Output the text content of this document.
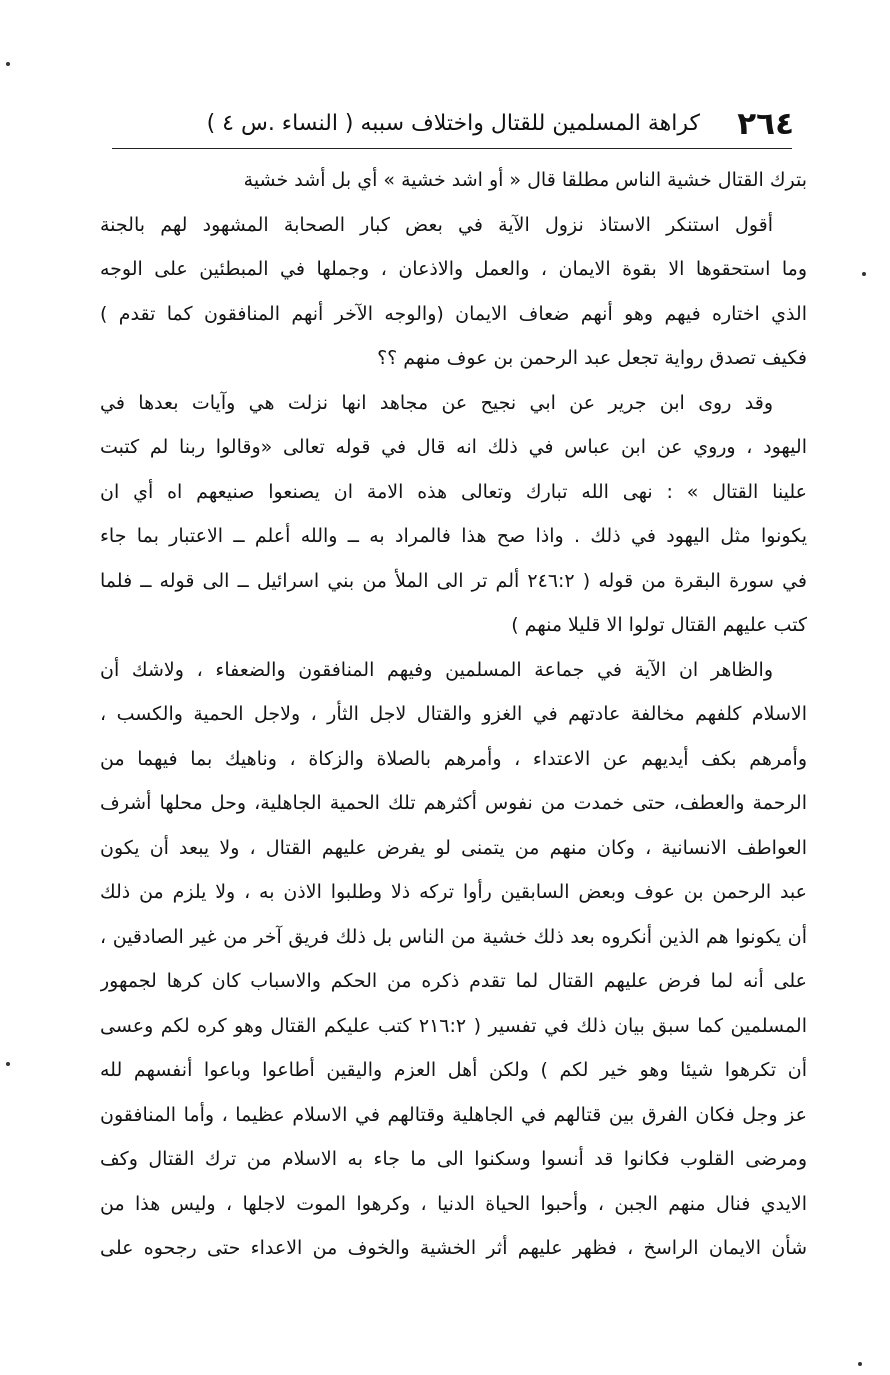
٢٦٤
كراهة المسلمين للقتال واختلاف سببه ( النساء .س ٤ )
بترك القتال خشية الناس مطلقا قال « أو اشد خشية » أي بل أشد خشية
أقول استنكر الاستاذ نزول الآية في بعض كبار الصحابة المشهود لهم بالجنة
وما استحقوها الا بقوة الايمان ، والعمل والاذعان ، وجملها في المبطئين على الوجه
الذي اختاره فيهم وهو أنهم ضعاف الايمان (والوجه الآخر أنهم المنافقون كما تقدم )
فكيف تصدق رواية تجعل عبد الرحمن بن عوف منهم ؟؟
وقد روى ابن جرير عن ابي نجيح عن مجاهد انها نزلت هي وآيات بعدها في
اليهود ، وروي عن ابن عباس في ذلك انه قال في قوله تعالى «وقالوا ربنا لم كتبت
علينا القتال » : نهى الله تبارك وتعالى هذه الامة ان يصنعوا صنيعهم اه أي ان
يكونوا مثل اليهود في ذلك . واذا صح هذا فالمراد به ــ والله أعلم ــ الاعتبار بما جاء
في سورة البقرة من قوله ( ٢٤٦:٢ ألم تر الى الملأ من بني اسرائيل ــ الى قوله ــ فلما
كتب عليهم القتال تولوا الا قليلا منهم )
والظاهر ان الآية في جماعة المسلمين وفيهم المنافقون والضعفاء ، ولاشك أن
الاسلام كلفهم مخالفة عادتهم في الغزو والقتال لاجل الثأر ، ولاجل الحمية والكسب ،
وأمرهم بكف أيديهم عن الاعتداء ، وأمرهم بالصلاة والزكاة ، وناهيك بما فيهما من
الرحمة والعطف، حتى خمدت من نفوس أكثرهم تلك الحمية الجاهلية، وحل محلها أشرف
العواطف الانسانية ، وكان منهم من يتمنى لو يفرض عليهم القتال ، ولا يبعد أن يكون
عبد الرحمن بن عوف وبعض السابقين رأوا تركه ذلا وطلبوا الاذن به ، ولا يلزم من ذلك
أن يكونوا هم الذين أنكروه بعد ذلك خشية من الناس بل ذلك فريق آخر من غير الصادقين ،
على أنه لما فرض عليهم القتال لما تقدم ذكره من الحكم والاسباب كان كرها لجمهور
المسلمين كما سبق بيان ذلك في تفسير ( ٢١٦:٢ كتب عليكم القتال وهو كره لكم وعسى
أن تكرهوا شيئا وهو خير لكم ) ولكن أهل العزم واليقين أطاعوا وباعوا أنفسهم لله
عز وجل فكان الفرق بين قتالهم في الجاهلية وقتالهم في الاسلام عظيما ، وأما المنافقون
ومرضى القلوب فكانوا قد أنسوا وسكنوا الى ما جاء به الاسلام من ترك القتال وكف
الايدي فنال منهم الجبن ، وأحبوا الحياة الدنيا ، وكرهوا الموت لاجلها ، وليس هذا من
شأن الايمان الراسخ ، فظهر عليهم أثر الخشية والخوف من الاعداء حتى رجحوه على
